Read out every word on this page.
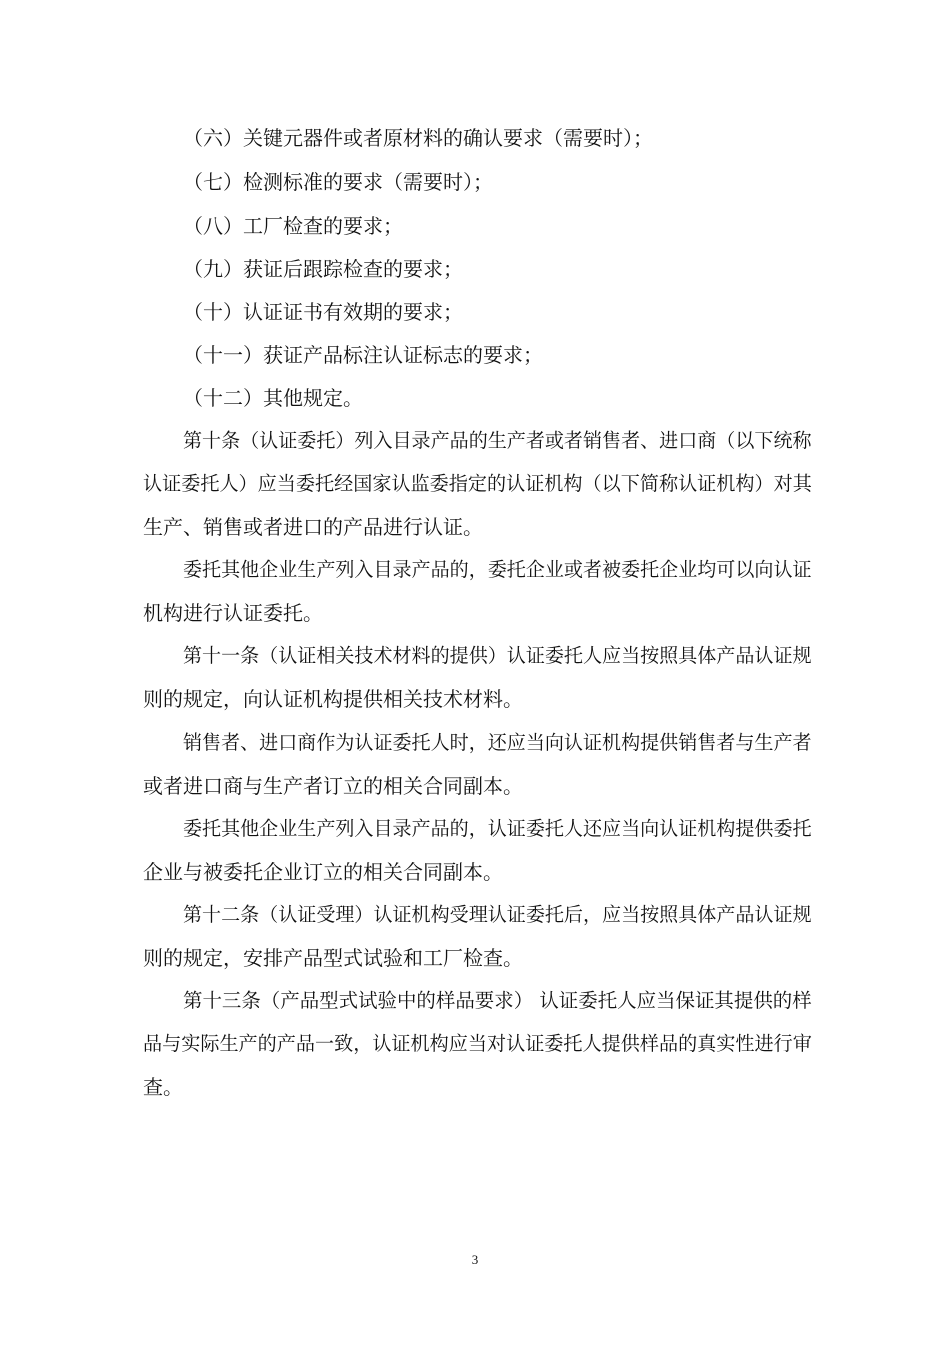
（六）关键元器件或者原材料的确认要求（需要时）；
（七）检测标准的要求（需要时）；
（八）工厂检查的要求；
（九）获证后跟踪检查的要求；
（十）认证证书有效期的要求；
（十一）获证产品标注认证标志的要求；
（十二）其他规定。
第十条（认证委托）列入目录产品的生产者或者销售者、进口商（以下统称
认证委托人）应当委托经国家认监委指定的认证机构（以下简称认证机构）对其
生产、销售或者进口的产品进行认证。
委托其他企业生产列入目录产品的，委托企业或者被委托企业均可以向认证
机构进行认证委托。
第十一条（认证相关技术材料的提供）认证委托人应当按照具体产品认证规
则的规定，向认证机构提供相关技术材料。
销售者、进口商作为认证委托人时，还应当向认证机构提供销售者与生产者
或者进口商与生产者订立的相关合同副本。
委托其他企业生产列入目录产品的，认证委托人还应当向认证机构提供委托
企业与被委托企业订立的相关合同副本。
第十二条（认证受理）认证机构受理认证委托后，应当按照具体产品认证规
则的规定，安排产品型式试验和工厂检查。
第十三条（产品型式试验中的样品要求） 认证委托人应当保证其提供的样
品与实际生产的产品一致，认证机构应当对认证委托人提供样品的真实性进行审
查。
3
